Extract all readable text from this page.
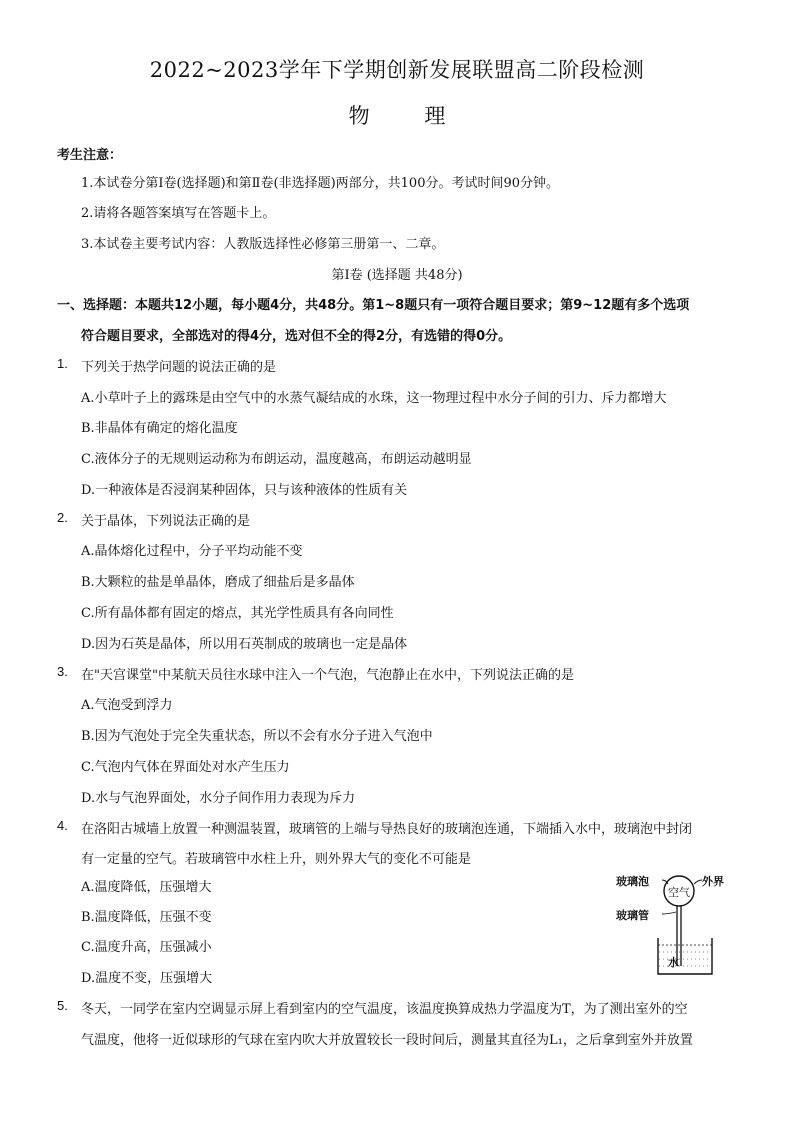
2022~2023学年下学期创新发展联盟高二阶段检测
物	理
考生注意：
1.本试卷分第Ⅰ卷(选择题)和第Ⅱ卷(非选择题)两部分，共100分。考试时间90分钟。
2.请将各题答案填写在答题卡上。
3.本试卷主要考试内容：人教版选择性必修第三册第一、二章。
第Ⅰ卷 (选择题 共48分)
一、选择题：本题共12小题，每小题4分，共48分。第1~8题只有一项符合题目要求；第9~12题有多个选项
符合题目要求，全部选对的得4分，选对但不全的得2分，有选错的得0分。
1. 下列关于热学问题的说法正确的是
A.小草叶子上的露珠是由空气中的水蒸气凝结成的水珠，这一物理过程中水分子间的引力、斥力都增大
B.非晶体有确定的熔化温度
C.液体分子的无规则运动称为布朗运动，温度越高，布朗运动越明显
D.一种液体是否浸润某种固体，只与该种液体的性质有关
2. 关于晶体，下列说法正确的是
A.晶体熔化过程中，分子平均动能不变
B.大颗粒的盐是单晶体，磨成了细盐后是多晶体
C.所有晶体都有固定的熔点，其光学性质具有各向同性
D.因为石英是晶体，所以用石英制成的玻璃也一定是晶体
3. 在"天宫课堂"中某航天员往水球中注入一个气泡，气泡静止在水中，下列说法正确的是
A.气泡受到浮力
B.因为气泡处于完全失重状态，所以不会有水分子进入气泡中
C.气泡内气体在界面处对水产生压力
D.水与气泡界面处，水分子间作用力表现为斥力
4. 在洛阳古城墙上放置一种测温装置，玻璃管的上端与导热良好的玻璃泡连通，下端插入水中，玻璃泡中封闭
有一定量的空气。若玻璃管中水柱上升，则外界大气的变化不可能是
A.温度降低，压强增大
B.温度降低，压强不变
C.温度升高，压强减小
D.温度不变，压强增大
玻璃泡
空气
外界
玻璃管
水
5. 冬天，一同学在室内空调显示屏上看到室内的空气温度，该温度换算成热力学温度为T，为了测出室外的空
气温度，他将一近似球形的气球在室内吹大并放置较长一段时间后，测量其直径为L₁，之后拿到室外并放置
